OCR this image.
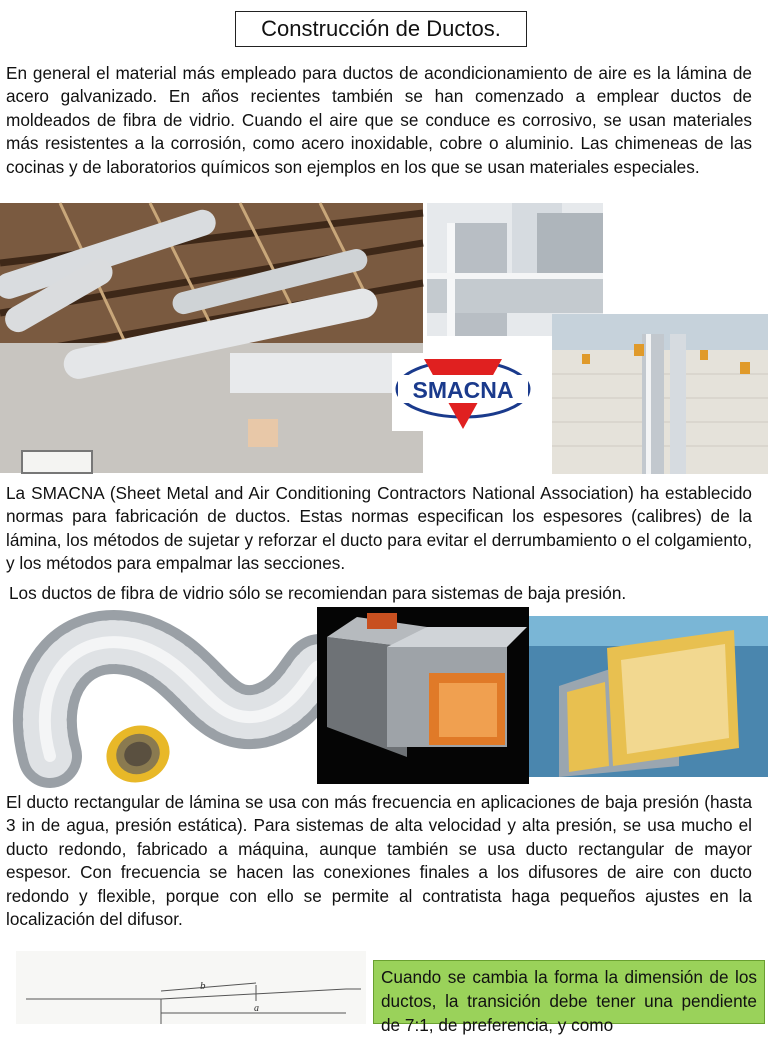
Construcción de Ductos.

En general el material más empleado para ductos de acondicionamiento de aire es la lámina de acero galvanizado. En años recientes también se han comenzado a emplear ductos de moldeados de fibra de vidrio. Cuando el aire que se conduce es corrosivo, se usan materiales más resistentes a la corrosión, como acero inoxidable, cobre o aluminio. Las chimeneas de las cocinas y de laboratorios químicos son ejemplos en los que se usan materiales especiales.

SMACNA

La SMACNA (Sheet Metal and Air Conditioning Contractors National Association) ha establecido normas para fabricación de ductos. Estas normas especifican los espesores (calibres) de la lámina, los métodos de sujetar y reforzar el ducto para evitar el derrumbamiento o el colgamiento, y los métodos para empalmar las secciones.

Los ductos de fibra de vidrio sólo se recomiendan para sistemas de baja presión.

El ducto rectangular de lámina se usa con más frecuencia en aplicaciones de baja presión (hasta 3 in de agua, presión estática). Para sistemas de alta velocidad y alta presión, se usa mucho el ducto redondo, fabricado a máquina, aunque también se usa ducto rectangular de mayor espesor. Con frecuencia se hacen las conexiones finales a los difusores de aire con ducto redondo y flexible, porque con ello se permite al contratista haga pequeños ajustes en la localización del difusor.

b
a
Cuando se cambia la forma la dimensión de los ductos, la transición debe tener una pendiente de 7:1, de preferencia, y como
